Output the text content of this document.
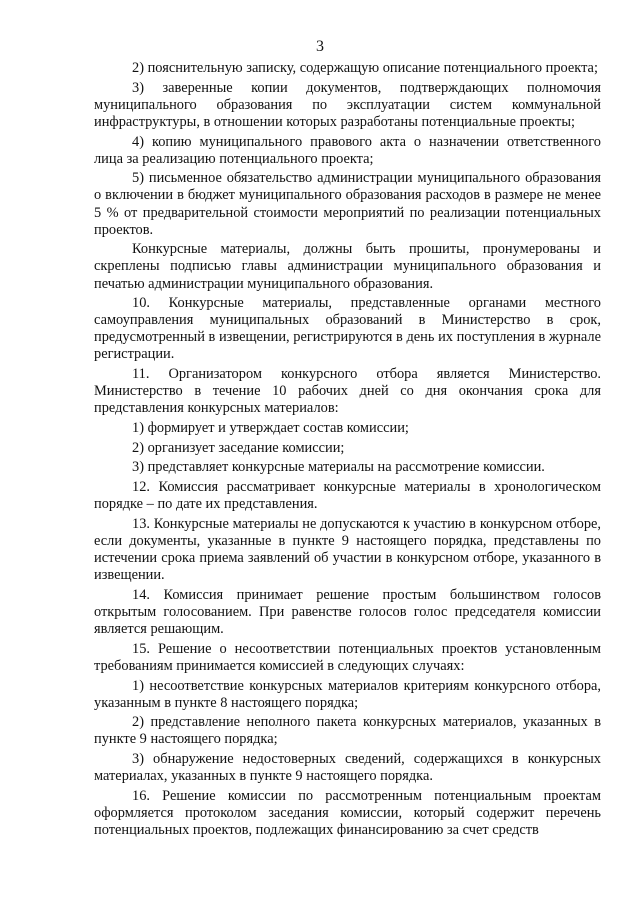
3

2) пояснительную записку, содержащую описание потенциального проекта;

3) заверенные копии документов, подтверждающих полномочия муниципального образования по эксплуатации систем коммунальной инфраструктуры, в отношении которых разработаны потенциальные проекты;

4) копию муниципального правового акта о назначении ответственного лица за реализацию потенциального проекта;

5) письменное обязательство администрации муниципального образования о включении в бюджет муниципального образования расходов в размере не менее 5 % от предварительной стоимости мероприятий по реализации потенциальных проектов.

Конкурсные материалы, должны быть прошиты, пронумерованы и скреплены подписью главы администрации муниципального образования и печатью администрации муниципального образования.

10. Конкурсные материалы, представленные органами местного самоуправления муниципальных образований в Министерство в срок, предусмотренный в извещении, регистрируются в день их поступления в журнале регистрации.

11. Организатором конкурсного отбора является Министерство. Министерство в течение 10 рабочих дней со дня окончания срока для представления конкурсных материалов:

1) формирует и утверждает состав комиссии;

2) организует заседание комиссии;

3) представляет конкурсные материалы на рассмотрение комиссии.

12. Комиссия рассматривает конкурсные материалы в хронологическом порядке – по дате их представления.

13. Конкурсные материалы не допускаются к участию в конкурсном отборе, если документы, указанные в пункте 9 настоящего порядка, представлены по истечении срока приема заявлений об участии в конкурсном отборе, указанного в извещении.

14. Комиссия принимает решение простым большинством голосов открытым голосованием. При равенстве голосов голос председателя комиссии является решающим.

15. Решение о несоответствии потенциальных проектов установленным требованиям принимается комиссией в следующих случаях:

1) несоответствие конкурсных материалов критериям конкурсного отбора, указанным в пункте 8 настоящего порядка;

2) представление неполного пакета конкурсных материалов, указанных в пункте 9 настоящего порядка;

3) обнаружение недостоверных сведений, содержащихся в конкурсных материалах, указанных в пункте 9 настоящего порядка.

16. Решение комиссии по рассмотренным потенциальным проектам оформляется протоколом заседания комиссии, который содержит перечень потенциальных проектов, подлежащих финансированию за счет средств
